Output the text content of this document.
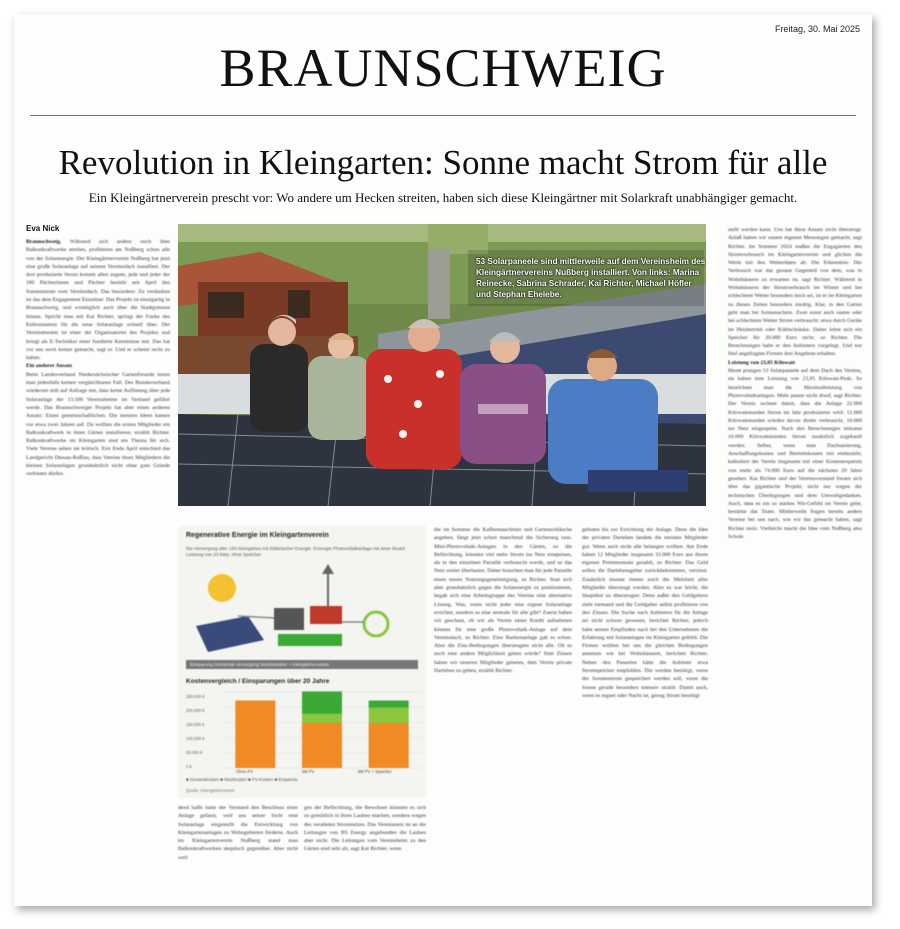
Freitag, 30. Mai 2025
BRAUNSCHWEIG
Revolution in Kleingarten: Sonne macht Strom für alle
Ein Kleingärtnerverein prescht vor: Wo andere um Hecken streiten, haben sich diese Kleingärtner mit Solarkraft unabhängiger gemacht.
Eva Nick
Braunschweig. Während sich andere noch über Balkonkraftwerke streiten, profitieren am Nußberg schon alle von der Solarenergie: Der Kleingärtnerverein Nußberg hat jetzt eine große Solaranlage auf seinem Vereinsdach installiert. Der dort produzierte Strom kommt allen zugute, jede und jeder der 180 Pächterinnen und Pächter bezieht seit April den Sonnenstrom vom Vereinsdach. Das besondere: Zu verdanken ist das dem Engagement Einzelner. Das Projekt ist einzigartig in Braunschweig, und womöglich auch über die Stadtgrenzen hinaus. Spricht man mit Kai Richter, springt der Funke des Enthusiasmus für die neue Solaranlage schnell über. Der Vereinsberater ist einer der Organisatoren des Projekts und bringt als E-Techniker einer fundierte Kenntnisse mit. Das hat vor uns noch keiner gemacht, sagt er. Und er scheint recht zu haben.
Ein anderer Ansatz
Beim Landesverband Niedersächsischer Gartenfreunde kennt man jedenfalls keinen vergleichbaren Fall. Der Bundesverband wiederum teilt auf Anfrage mit, dass keine Auflistung über jede Solaranlage der 13.500 Vereinsheime im Verband geführt werde. Das Braunschweiger Projekt hat aber einen anderen Ansatz: Einen gemeinschaftlichen. Die meisten Ideen kamen vor etwa zwei Jahren auf. Da wollten die ersten Mitglieder ein Balkonkraftwerk in ihren Gärten installieren, erzählt Richter. Balkonkraftwerke im Kleingarten sind ein Thema für sich. Viele Vereine sehen sie kritisch. Erst Ende April entschied das Landgericht Dessau-Roßlau, dass Vereine ihren Mitgliedern die kleinen Solaranlagen grundsätzlich nicht ohne gute Gründe verbieten dürfen.
53 Solarpaneele sind mittlerweile auf dem Vereinsheim des Kleingärtnervereins Nußberg installiert. Von links: Marina Reinecke, Sabrina Schrader, Kai Richter, Michael Höfler und Stephan Ehelebe.
Regenerative Energie im Kleingartenverein
Die Versorgung aller 183 Kleingärten mit Elektrischer Energie. Erzeugte Photovoltaikanlage mit einer Modul-Leistung von 23 kWp, ohne Speicher
Einsparung Gemeinde Versorgung Netzbetreiber + Kleingärtnerverein
Kostenvergleich / Einsparungen über 20 Jahre
250.000 €
200.000 €
150.000 €
100.000 €
50.000 €
0 €
Ohne PV	Mit PV	Mit PV + Speicher
■ Gesamtkosten ■ Netzkosten ■ PV-Kosten ■ Ersparnis
Quelle: Kleingärtnerverein
dend halfe hatte der Vorstand den Beschluss einer Anlage gefasst, weil aus seiner Sicht eine Solaranlage eingestellt die Entwicklung von Kleingartenanlagen zu Wohngebieten förderte. Auch im Kleingartenverein Nußberg stand man Balkonkraftwerken skeptisch gegenüber. Aber nicht weil
gen der Befürchtung, die Bewohner könnten es sich zu gemütlich in ihren Lauben machen, sondern wegen des veralteten Stromnetzes. Das Vereinsnetz ist an die Leitungen von BS Energy angebunden die Lauben aber nicht. Die Leitungen vom Vereinsheim zu den Gärten sind sehr alt, sagt Kai Richter, wenn
die im Sommer die Kaffeemaschinen und Gartenschläuche angeben, fängt jetzt schon manchmal die Sicherung raus. Mini-Photovoltaik-Anlagen in den Gärten, so die Befürchtung, könnten viel mehr Strom ins Netz einspeisen, als in den einzelnen Parzelle verbraucht werde, und so das Netz weiter überlasten. Daher brauchen man für jede Parzelle einen neuen Nutzungsgenehmigung, so Richter. Statt sich aber grundsätzlich gegen die Solarenergie zu positionieren, begab sich eine Arbeitsgruppe des Vereins eine alternative Lösung. Was, wenn nicht jeder eine eigene Solaranlage errichtet, sondern es eine zentrale für alle gibt? Zuerst haben wir geschaut, ob wir als Verein einen Kredit aufnehmen können für eine große Photovoltaik-Anlage auf dem Vereinsdach, so Richter. Eine Bankenanlage gab es schon. Aber die Zins-Bedingungen überzeugten nicht alle. Ob es noch eine andere Möglichkeit geben würde? Statt Zinsen haben wir unseren Mitglieder gebeten, dem Verein private Darlehen zu geben, erzählt Richter.
geboten bis zur Errichtung der Anlage. Denn die Idee der privaten Darlehen landete die meisten Mitglieder gut. Wenn auch nicht alle belangen wollten. Am Ende haben 12 Mitglieder insgesamt 33.000 Euro aus ihrem eigenen Portemonnaie gezahlt, so Richter. Das Geld sollen die Darlehensgeber zurückbekommen, verzinst. Zusätzlich musste immer noch die Mehrheit aller Mitglieder überzeugt werden. Aber es war leicht, die Skeptiker zu überzeugen: Denn außer den Geldgebern sieht niemand und die Geldgeber selbst profitieren von den Zinsen. Die Suche nach Anbietern für die Anlage sei nicht schwer gewesen, berichtet Richter, jedoch habe seinen Empfinden nach bei den Unternehmen die Erfahrung mit Solaranlagen im Kleingarten gefehlt. Die Firmen wollten bei uns die gleichen Bedingungen ansetzen wie bei Wohnhäusern, berichtet Richter. Neben den Paneelen hätte die Anbieter etwa Stromspeicher empfohlen. Die werden benötigt, wenn der Sonnenstrom gespeichert werden soll, wenn die Sonne gerade besonders intensiv strahlt. Damit auch, wenn es regnet oder Nacht ist, genug Strom benötigt
stellt werden kann. Uns hat diese Ansatz nicht überzeugt. Anlaß haben wir unsere eigenen Messungen gemacht, sagt Richter. Im Sommer 2024 maßen die Engagierten den Stromverbrauch im Kleingartenverein und glichen die Werte mit den Wetterdaten ab. Die Erkenntnis: Der Verbrauch war das genaue Gegenteil von dem, was in Wohnhäusern zu erwarten ist, sagt Richter. Während in Wohnhäusern der Stromverbrauch im Winter und bei schlechtem Wetter besonders hoch sei, ist er im Kleingarten zu diesen Zeiten besonders niedrig. Klar, in den Garten geht man bei Sonnenschein. Zwei sonst auch rasten oder bei schlechtem Wetter Strom verbraucht: etwa durch Geräte im Heizbetrieb oder Kühlschränke. Daher lohnt sich ein Speicher für 20.000 Euro nicht, so Richter. Die Berechnungen habe er den Anbietern vorgelegt. Und nur fünf angefragten Firmen drei Angebote erhalten.
Leistung von 23,85 Kilowatt
Heute prangen 53 Solarpaneele auf dem Dach des Vereins, sie haben eine Leistung von 23,85 Kilowatt-Peak. So bezeichnet man die Maximalleistung von Photovoltaikanlagen. Mehr passte nicht drauf, sagt Richter. Der Verein rechnet damit, dass die Anlage 22.000 Kilowattstunden Strom im Jahr produzieren wird. 12.000 Kilowattstunden würden davon direkt verbraucht, 10.000 ins Netz eingespeist. Nach den Berechnungen müssten 16.000 Kilowattstunden Strom zusätzlich zugekauft werden. Selbst, wenn man Dachsanierung, Anschaffungskosten und Betriebskosten mit einbezieht, kalkuliert der Verein insgesamt mit einer Kostenersparnis von mehr als 74.000 Euro auf die nächsten 20 Jahre gesehen. Kai Richter und der Vereinsvorstand freuen sich über das gigantische Projekt; nicht nur wegen der technischen Überlegungen und dem Umweltgedanken. Auch, dass es ein so starkes Wir-Gefühl im Verein gebe, bestärke das Team. Mittlerweile fragen bereits andere Vereine bei uns nach, wie wir das gemacht haben, sagt Richter stolz. Vielleicht macht die Idee vom Nußberg also Schule.
